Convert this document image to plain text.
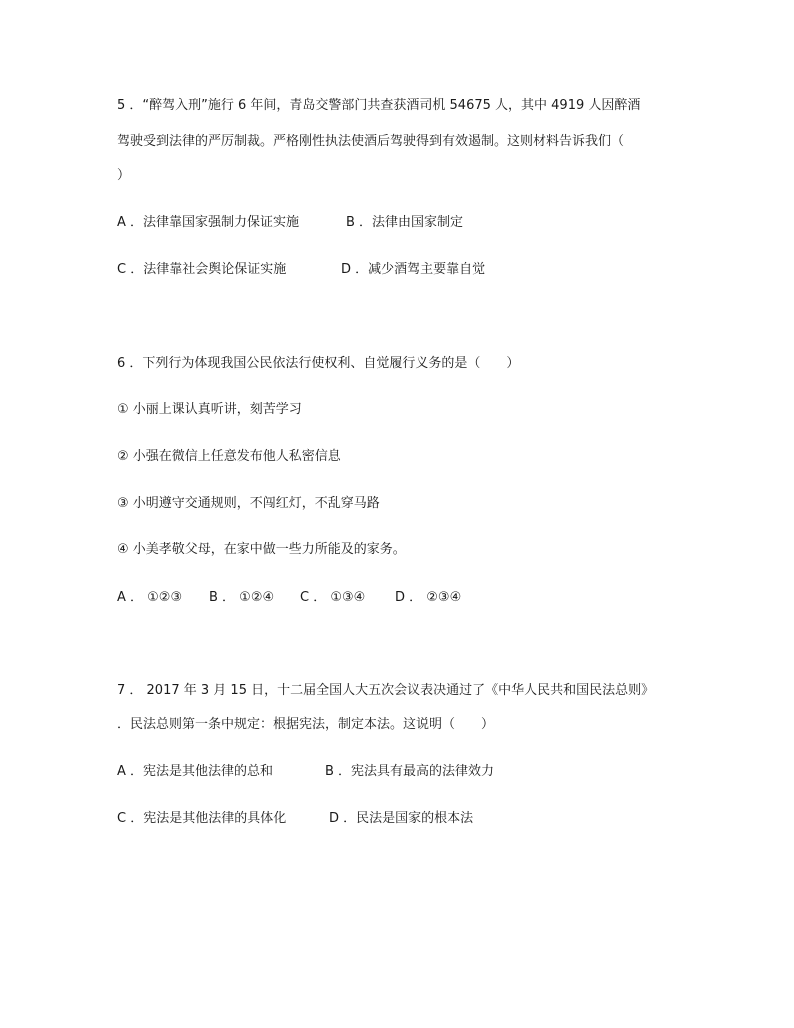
5 ．“醉驾入刑”施行 6 年间，青岛交警部门共查获酒司机 54675 人，其中 4919 人因醉酒
驾驶受到法律的严厉制裁。严格刚性执法使酒后驾驶得到有效遏制。这则材料告诉我们（
）
A ．法律靠国家强制力保证实施	B ．法律由国家制定
C ．法律靠社会舆论保证实施	D ．减少酒驾主要靠自觉
6 ．下列行为体现我国公民依法行使权利、自觉履行义务的是（　　）
① 小丽上课认真听讲，刻苦学习
② 小强在微信上任意发布他人私密信息
③ 小明遵守交通规则，不闯红灯，不乱穿马路
④ 小美孝敬父母，在家中做一些力所能及的家务。
A ． ①②③ B ． ①②④ C ． ①③④ D ． ②③④
7 ． 2017 年 3 月 15 日，十二届全国人大五次会议表决通过了《中华人民共和国民法总则》
．民法总则第一条中规定：根据宪法，制定本法。这说明（　　）
A ．宪法是其他法律的总和	B ．宪法具有最高的法律效力
C ．宪法是其他法律的具体化	D ．民法是国家的根本法
